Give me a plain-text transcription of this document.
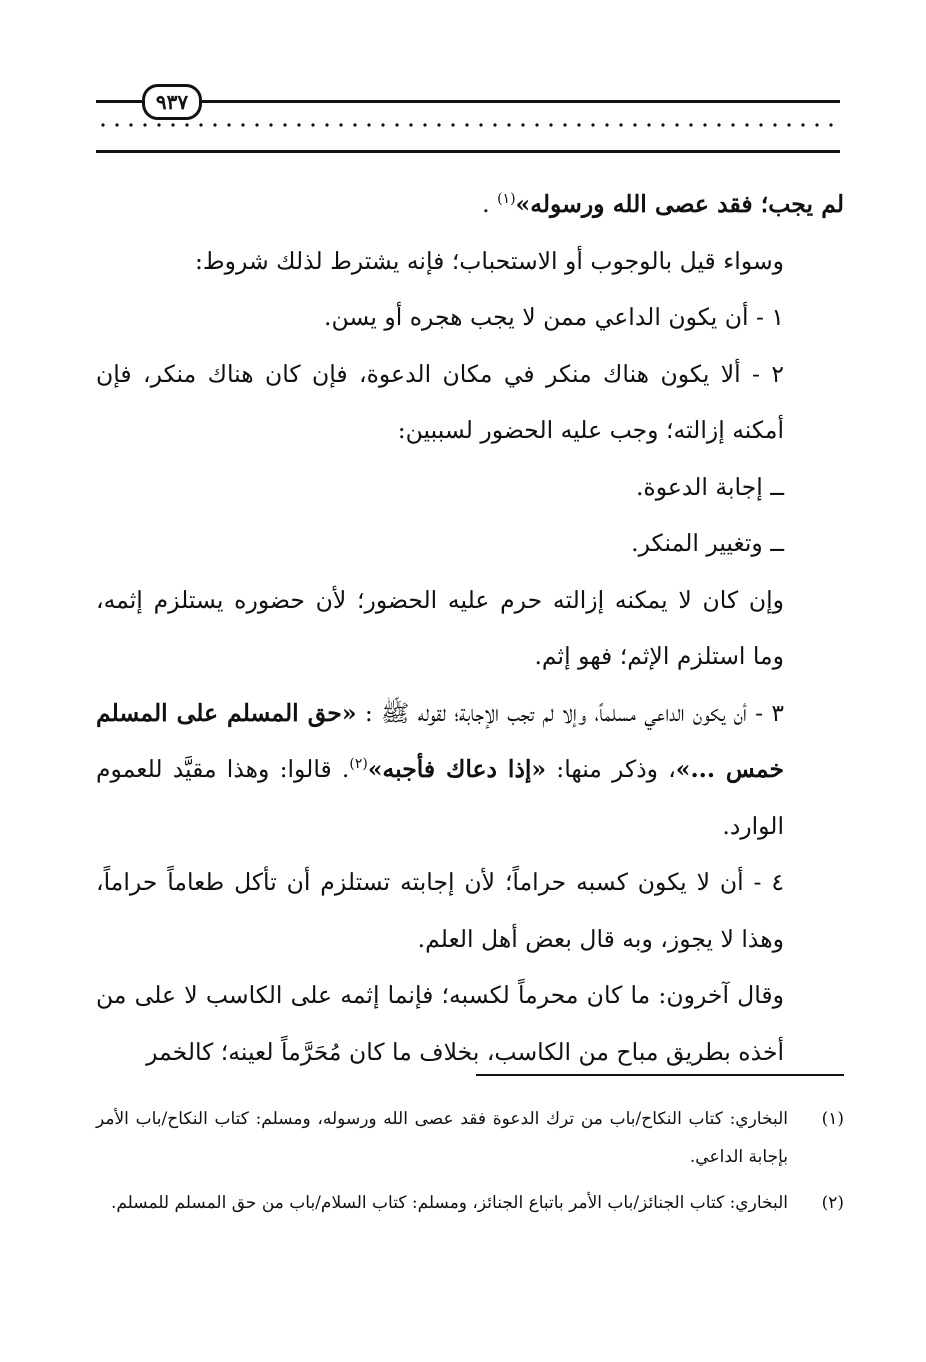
٩٣٧

لم يجب؛ فقد عصى الله ورسوله»$^{(١)}$ .

وسواء قيل بالوجوب أو الاستحباب؛ فإنه يشترط لذلك شروط:

١ - أن يكون الداعي ممن لا يجب هجره أو يسن.

٢ - ألا يكون هناك منكر في مكان الدعوة، فإن كان هناك منكر، فإن أمكنه إزالته؛ وجب عليه الحضور لسببين:

ــ إجابة الدعوة.

ــ وتغيير المنكر.

وإن كان لا يمكنه إزالته حرم عليه الحضور؛ لأن حضوره يستلزم إثمه، وما استلزم الإثم؛ فهو إثم.

٣ - أن يكون الداعي مسلماً، وإلا لم تجب الإجابة؛ لقوله ﷺ : «حق المسلم على المسلم خمس ...»، وذكر منها: «إذا دعاك فأجبه»$^{(٢)}$. قالوا: وهذا مقيَّد للعموم الوارد.

٤ - أن لا يكون كسبه حراماً؛ لأن إجابته تستلزم أن تأكل طعاماً حراماً، وهذا لا يجوز، وبه قال بعض أهل العلم.

وقال آخرون: ما كان محرماً لكسبه؛ فإنما إثمه على الكاسب لا على من أخذه بطريق مباح من الكاسب، بخلاف ما كان مُحَرَّماً لعينه؛ كالخمر

(١)
البخاري: كتاب النكاح/باب من ترك الدعوة فقد عصى الله ورسوله، ومسلم: كتاب النكاح/باب الأمر بإجابة الداعي.
(٢)
البخاري: كتاب الجنائز/باب الأمر باتباع الجنائز، ومسلم: كتاب السلام/باب من حق المسلم للمسلم.
